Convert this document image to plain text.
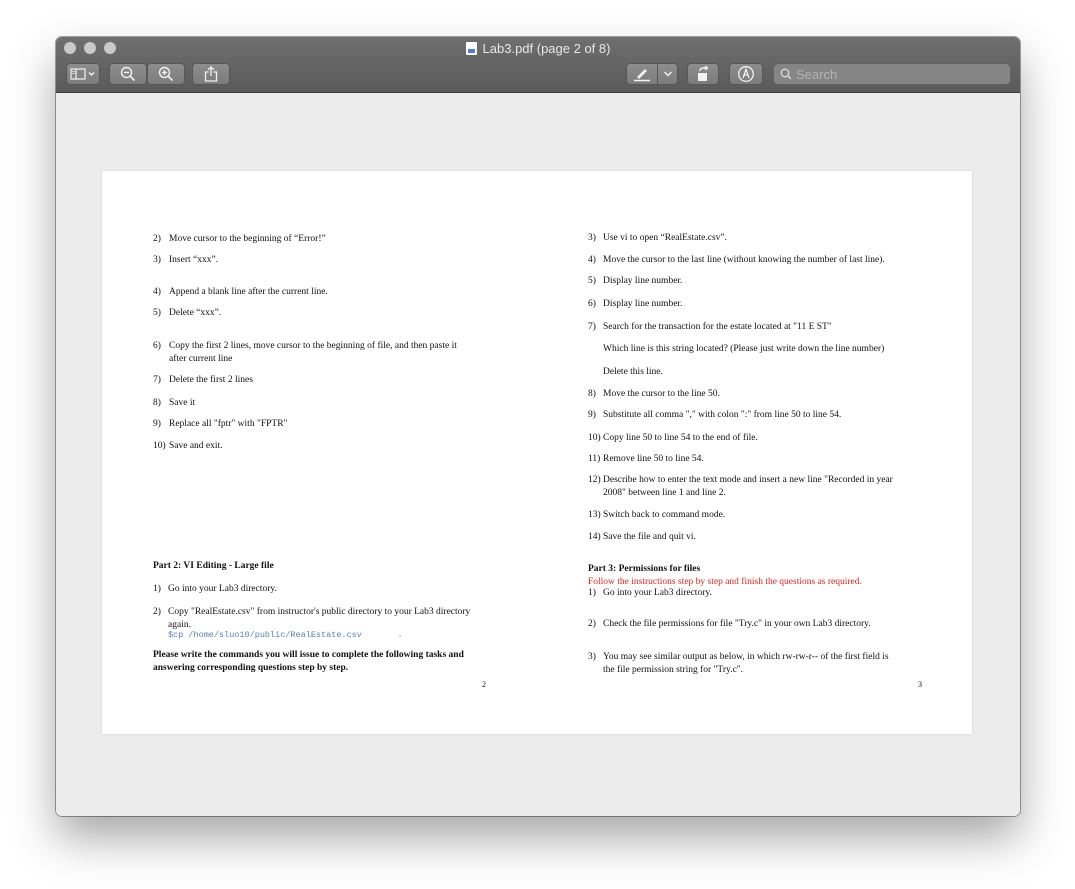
Lab3.pdf (page 2 of 8)
Search
2) Move cursor to the beginning of “Error!”
3) Insert “xxx”.
4) Append a blank line after the current line.
5) Delete “xxx”.
6) Copy the first 2 lines, move cursor to the beginning of file, and then paste it
after current line
7) Delete the first 2 lines
8) Save it
9) Replace all "fptr" with "FPTR"
10) Save and exit.
Part 2: VI Editing - Large file
1) Go into your Lab3 directory.
2) Copy "RealEstate.csv" from instructor's public directory to your Lab3 directory
again.
$cp /home/sluo10/public/RealEstate.csv       .
Please write the commands you will issue to complete the following tasks and
answering corresponding questions step by step.
2
3) Use vi to open “RealEstate.csv”.
4) Move the cursor to the last line (without knowing the number of last line).
5) Display line number.
6) Display line number.
7) Search for the transaction for the estate located at "11 E ST"
Which line is this string located? (Please just write down the line number)
Delete this line.
8) Move the cursor to the line 50.
9) Substitute all comma "," with colon ":" from line 50 to line 54.
10) Copy line 50 to line 54 to the end of file.
11) Remove line 50 to line 54.
12) Describe how to enter the text mode and insert a new line "Recorded in year
2008" between line 1 and line 2.
13) Switch back to command mode.
14) Save the file and quit vi.
Part 3: Permissions for files
Follow the instructions step by step and finish the questions as required.
1) Go into your Lab3 directory.
2) Check the file permissions for file "Try.c" in your own Lab3 directory.
3) You may see similar output as below, in which rw-rw-r-- of the first field is
the file permission string for "Try.c".
3
